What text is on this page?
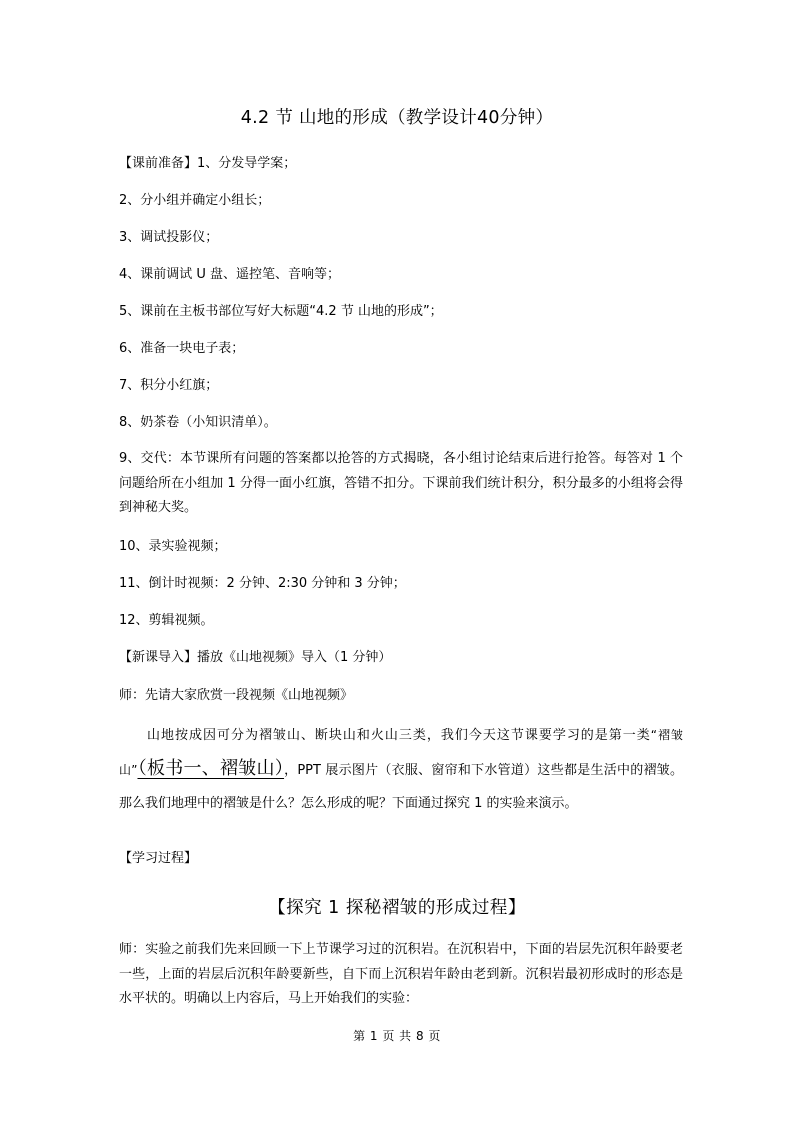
4.2 节 山地的形成（教学设计40分钟）
【课前准备】1、分发导学案；
2、分小组并确定小组长；
3、调试投影仪；
4、课前调试 U 盘、遥控笔、音响等；
5、课前在主板书部位写好大标题“4.2 节 山地的形成”；
6、准备一块电子表；
7、积分小红旗；
8、奶茶卷（小知识清单）。
9、交代：本节课所有问题的答案都以抢答的方式揭晓，各小组讨论结束后进行抢答。每答对 1 个问题给所在小组加 1 分得一面小红旗，答错不扣分。下课前我们统计积分，积分最多的小组将会得到神秘大奖。
10、录实验视频；
11、倒计时视频：2 分钟、2:30 分钟和 3 分钟；
12、剪辑视频。
【新课导入】播放《山地视频》导入（1 分钟）
师：先请大家欣赏一段视频《山地视频》
山地按成因可分为褶皱山、断块山和火山三类，我们今天这节课要学习的是第一类“褶皱山”（板书一、褶皱山），PPT 展示图片（衣服、窗帘和下水管道）这些都是生活中的褶皱。那么我们地理中的褶皱是什么？怎么形成的呢？下面通过探究 1 的实验来演示。
【学习过程】
【探究 1 探秘褶皱的形成过程】
师：实验之前我们先来回顾一下上节课学习过的沉积岩。在沉积岩中，下面的岩层先沉积年龄要老一些，上面的岩层后沉积年龄要新些，自下而上沉积岩年龄由老到新。沉积岩最初形成时的形态是水平状的。明确以上内容后，马上开始我们的实验：
第 1 页 共 8 页
